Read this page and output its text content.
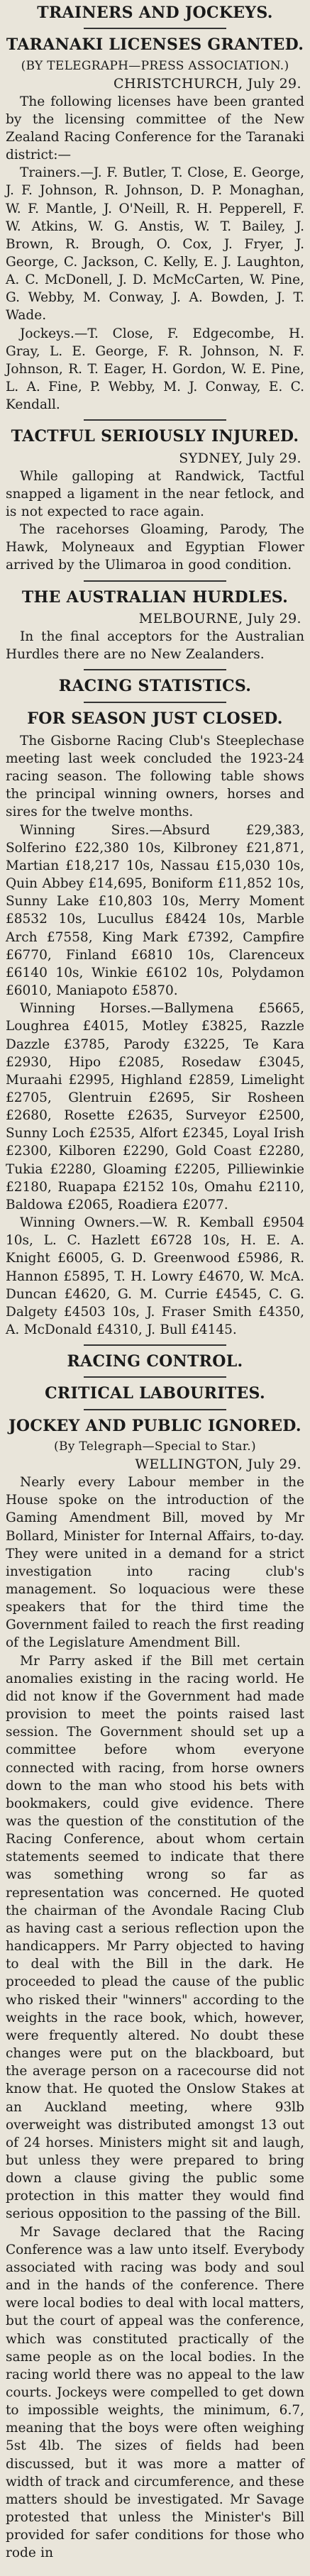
TRAINERS AND JOCKEYS.
TARANAKI LICENSES GRANTED.
(BY TELEGRAPH—PRESS ASSOCIATION.)
CHRISTCHURCH, July 29.

The following licenses have been granted by the licensing committee of the New Zealand Racing Conference for the Taranaki district:—

Trainers.—J. F. Butler, T. Close, E. George, J. F. Johnson, R. Johnson, D. P. Monaghan, W. F. Mantle, J. O'Neill, R. H. Pepperell, F. W. Atkins, W. G. Anstis, W. T. Bailey, J. Brown, R. Brough, O. Cox, J. Fryer, J. George, C. Jackson, C. Kelly, E. J. Laughton, A. C. McDonell, J. D. McMcCarten, W. Pine, G. Webby, M. Conway, J. A. Bowden, J. T. Wade.

Jockeys.—T. Close, F. Edgecombe, H. Gray, L. E. George, F. R. Johnson, N. F. Johnson, R. T. Eager, H. Gordon, W. E. Pine, L. A. Fine, P. Webby, M. J. Conway, E. C. Kendall.

TACTFUL SERIOUSLY INJURED.
SYDNEY, July 29.

While galloping at Randwick, Tactful snapped a ligament in the near fetlock, and is not expected to race again.

The racehorses Gloaming, Parody, The Hawk, Molyneaux and Egyptian Flower arrived by the Ulimaroa in good condition.

THE AUSTRALIAN HURDLES.
MELBOURNE, July 29.

In the final acceptors for the Australian Hurdles there are no New Zealanders.

RACING STATISTICS.
FOR SEASON JUST CLOSED.

The Gisborne Racing Club's Steeplechase meeting last week concluded the 1923-24 racing season. The following table shows the principal winning owners, horses and sires for the twelve months.

Winning Sires.—Absurd £29,383, Solferino £22,380 10s, Kilbroney £21,871, Martian £18,217 10s, Nassau £15,030 10s, Quin Abbey £14,695, Boniform £11,852 10s, Sunny Lake £10,803 10s, Merry Moment £8532 10s, Lucullus £8424 10s, Marble Arch £7558, King Mark £7392, Campfire £6770, Finland £6810 10s, Clarenceux £6140 10s, Winkie £6102 10s, Polydamon £6010, Maniapoto £5870.

Winning Horses.—Ballymena £5665, Loughrea £4015, Motley £3825, Razzle Dazzle £3785, Parody £3225, Te Kara £2930, Hipo £2085, Rosedaw £3045, Muraahi £2995, Highland £2859, Limelight £2705, Glentruin £2695, Sir Rosheen £2680, Rosette £2635, Surveyor £2500, Sunny Loch £2535, Alfort £2345, Loyal Irish £2300, Kilboren £2290, Gold Coast £2280, Tukia £2280, Gloaming £2205, Pilliewinkie £2180, Ruapapa £2152 10s, Omahu £2110, Baldowa £2065, Roadiera £2077.

Winning Owners.—W. R. Kemball £9504 10s, L. C. Hazlett £6728 10s, H. E. A. Knight £6005, G. D. Greenwood £5986, R. Hannon £5895, T. H. Lowry £4670, W. McA. Duncan £4620, G. M. Currie £4545, C. G. Dalgety £4503 10s, J. Fraser Smith £4350, A. McDonald £4310, J. Bull £4145.

RACING CONTROL.
CRITICAL LABOURITES.
JOCKEY AND PUBLIC IGNORED.
(By Telegraph—Special to Star.)
WELLINGTON, July 29.

Nearly every Labour member in the House spoke on the introduction of the Gaming Amendment Bill, moved by Mr Bollard, Minister for Internal Affairs, to-day. They were united in a demand for a strict investigation into racing club's management. So loquacious were these speakers that for the third time the Government failed to reach the first reading of the Legislature Amendment Bill.

Mr Parry asked if the Bill met certain anomalies existing in the racing world. He did not know if the Government had made provision to meet the points raised last session. The Government should set up a committee before whom everyone connected with racing, from horse owners down to the man who stood his bets with bookmakers, could give evidence. There was the question of the constitution of the Racing Conference, about whom certain statements seemed to indicate that there was something wrong so far as representation was concerned. He quoted the chairman of the Avondale Racing Club as having cast a serious reflection upon the handicappers. Mr Parry objected to having to deal with the Bill in the dark. He proceeded to plead the cause of the public who risked their "winners" according to the weights in the race book, which, however, were frequently altered. No doubt these changes were put on the blackboard, but the average person on a racecourse did not know that. He quoted the Onslow Stakes at an Auckland meeting, where 93lb overweight was distributed amongst 13 out of 24 horses. Ministers might sit and laugh, but unless they were prepared to bring down a clause giving the public some protection in this matter they would find serious opposition to the passing of the Bill.

Mr Savage declared that the Racing Conference was a law unto itself. Everybody associated with racing was body and soul and in the hands of the conference. There were local bodies to deal with local matters, but the court of appeal was the conference, which was constituted practically of the same people as on the local bodies. In the racing world there was no appeal to the law courts. Jockeys were compelled to get down to impossible weights, the minimum, 6.7, meaning that the boys were often weighing 5st 4lb. The sizes of fields had been discussed, but it was more a matter of width of track and circumference, and these matters should be investigated. Mr Savage protested that unless the Minister's Bill provided for safer conditions for those who rode in
